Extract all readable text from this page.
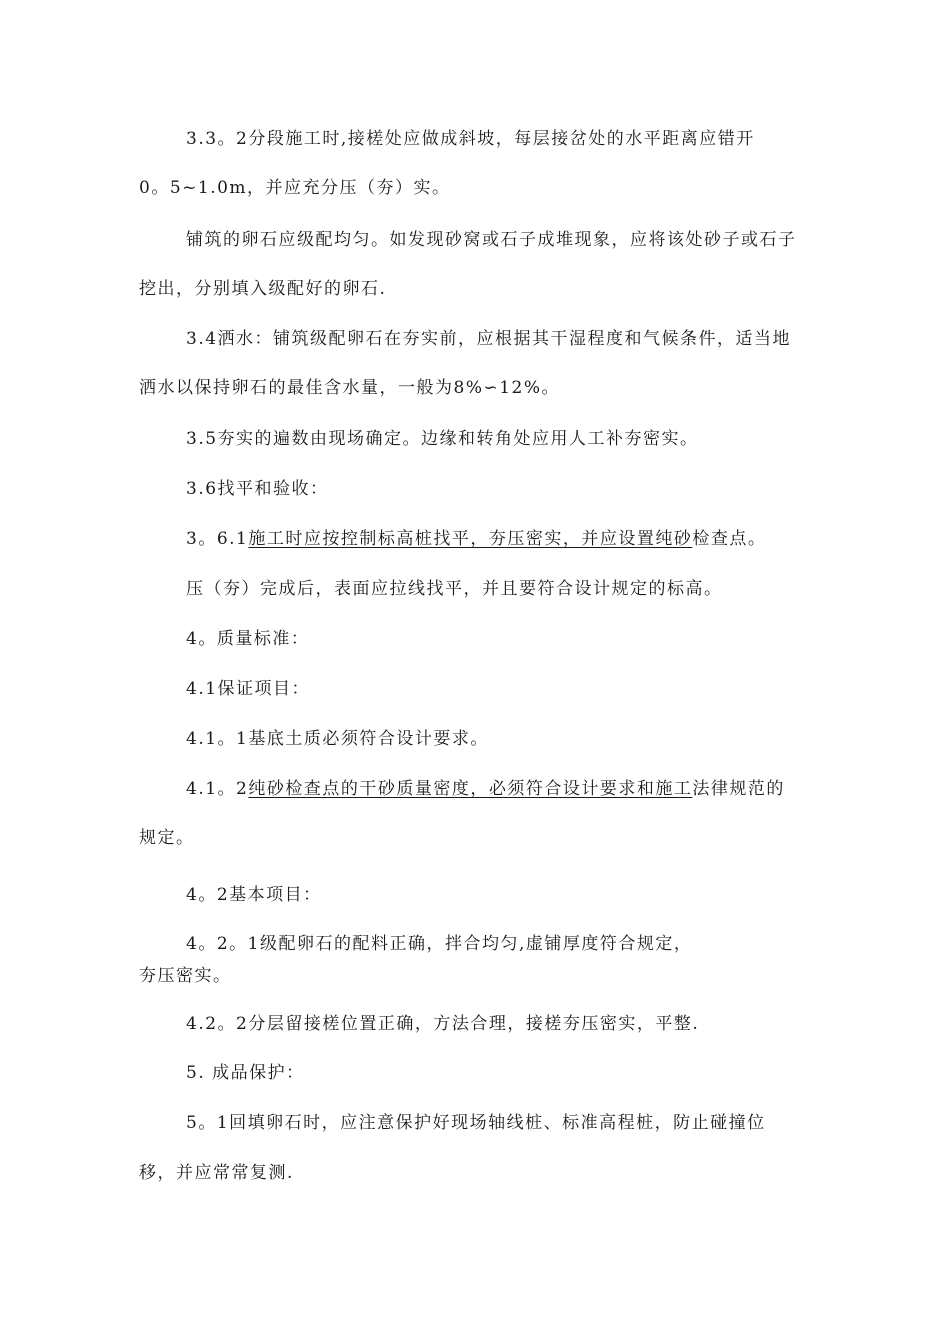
3.3。2分段施工时,接槎处应做成斜坡，每层接岔处的水平距离应错开
0。5~1.0m，并应充分压（夯）实。
铺筑的卵石应级配均匀。如发现砂窝或石子成堆现象，应将该处砂子或石子
挖出，分别填入级配好的卵石.
3.4洒水：铺筑级配卵石在夯实前，应根据其干湿程度和气候条件，适当地
洒水以保持卵石的最佳含水量，一般为8%∽12%。
3.5夯实的遍数由现场确定。边缘和转角处应用人工补夯密实。
3.6找平和验收：
3。6.1施工时应按控制标高桩找平，夯压密实，并应设置纯砂检查点。
压（夯）完成后，表面应拉线找平，并且要符合设计规定的标高。
4。质量标准：
4.1保证项目：
4.1。1基底土质必须符合设计要求。
4.1。2纯砂检查点的干砂质量密度，必须符合设计要求和施工法律规范的
规定。
4。2基本项目：
4。2。1级配卵石的配料正确，拌合均匀,虚铺厚度符合规定，
夯压密实。
4.2。2分层留接槎位置正确，方法合理，接槎夯压密实，平整.
5. 成品保护：
5。1回填卵石时，应注意保护好现场轴线桩、标准高程桩，防止碰撞位
移，并应常常复测.
